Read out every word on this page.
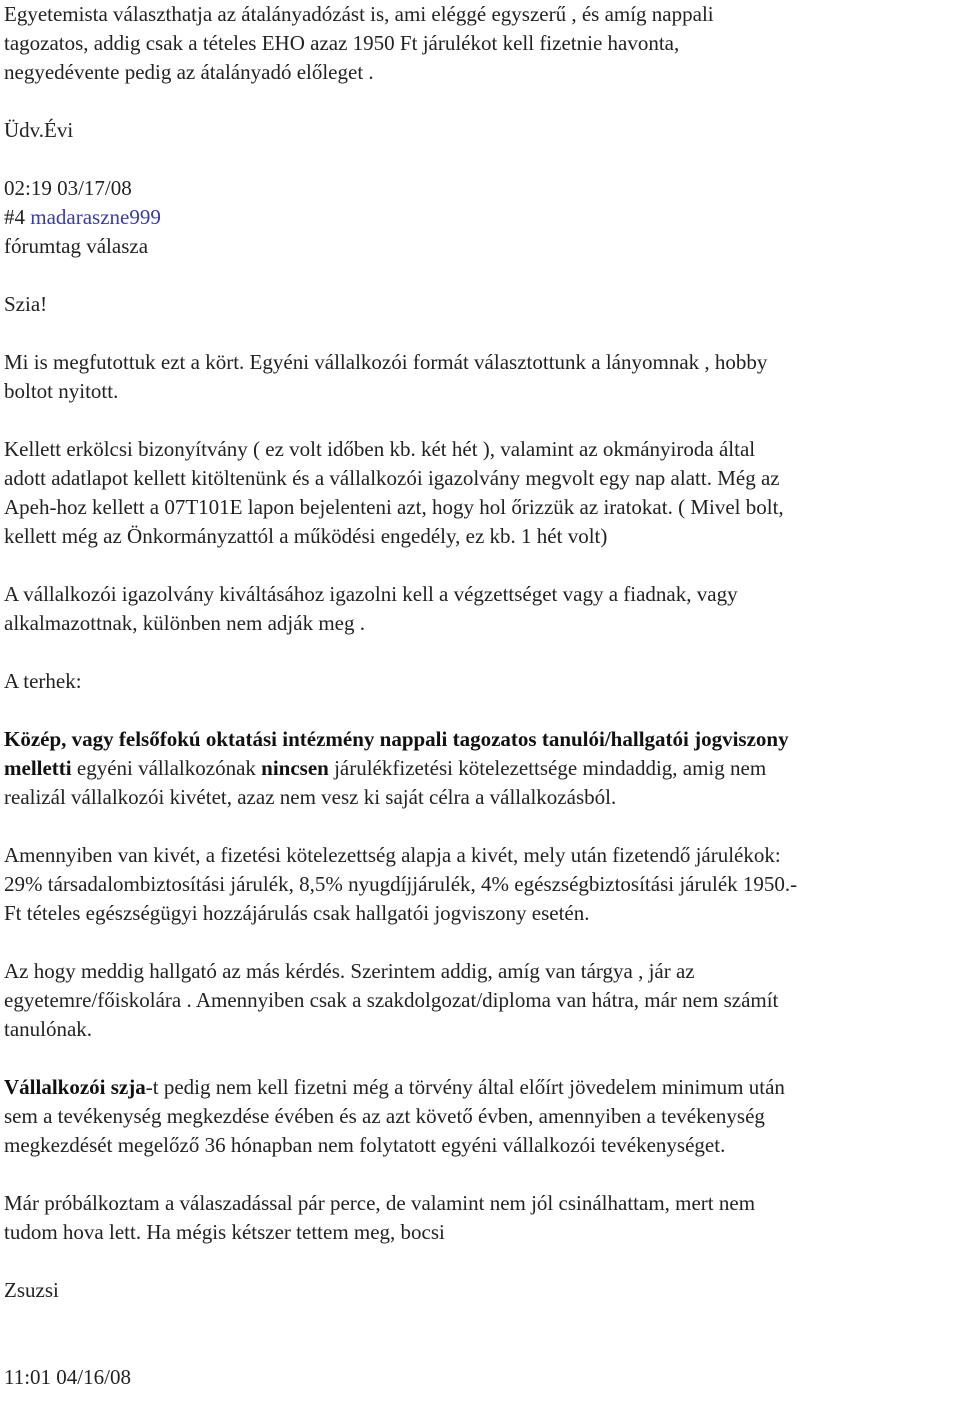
Egyetemista választhatja az átalányadózást is, ami eléggé egyszerű , és amíg nappali

tagozatos, addig csak a tételes EHO azaz 1950 Ft járulékot kell fizetnie havonta,

negyedévente pedig az átalányadó előleget .

Üdv.Évi

02:19 03/17/08

#4 madaraszne999

fórumtag válasza

Szia!

Mi is megfutottuk ezt a kört. Egyéni vállalkozói formát választottunk a lányomnak , hobby

boltot nyitott.

Kellett erkölcsi bizonyítvány ( ez volt időben kb. két hét ), valamint az okmányiroda által

adott adatlapot kellett kitöltenünk és a vállalkozói igazolvány megvolt egy nap alatt. Még az

Apeh-hoz kellett a 07T101E lapon bejelenteni azt, hogy hol őrizzük az iratokat. ( Mivel bolt,

kellett még az Önkormányzattól a működési engedély, ez kb. 1 hét volt)

A vállalkozói igazolvány kiváltásához igazolni kell a végzettséget vagy a fiadnak, vagy

alkalmazottnak, különben nem adják meg .

A terhek:

Közép, vagy felsőfokú oktatási intézmény nappali tagozatos tanulói/hallgatói jogviszony

melletti egyéni vállalkozónak nincsen járulékfizetési kötelezettsége mindaddig, amig nem

realizál vállalkozói kivétet, azaz nem vesz ki saját célra a vállalkozásból.

Amennyiben van kivét, a fizetési kötelezettség alapja a kivét, mely után fizetendő járulékok:

29% társadalombiztosítási járulék, 8,5% nyugdíjjárulék, 4% egészségbiztosítási járulék 1950.-

Ft tételes egészségügyi hozzájárulás csak hallgatói jogviszony esetén.

Az hogy meddig hallgató az más kérdés. Szerintem addig, amíg van tárgya , jár az

egyetemre/főiskolára . Amennyiben csak a szakdolgozat/diploma van hátra, már nem számít

tanulónak.

Vállalkozói szja-t pedig nem kell fizetni még a törvény által előírt jövedelem minimum után

sem a tevékenység megkezdése évében és az azt követő évben, amennyiben a tevékenység

megkezdését megelőző 36 hónapban nem folytatott egyéni vállalkozói tevékenységet.

Már próbálkoztam a válaszadással pár perce, de valamint nem jól csinálhattam, mert nem

tudom hova lett. Ha mégis kétszer tettem meg, bocsi

Zsuzsi

11:01 04/16/08
